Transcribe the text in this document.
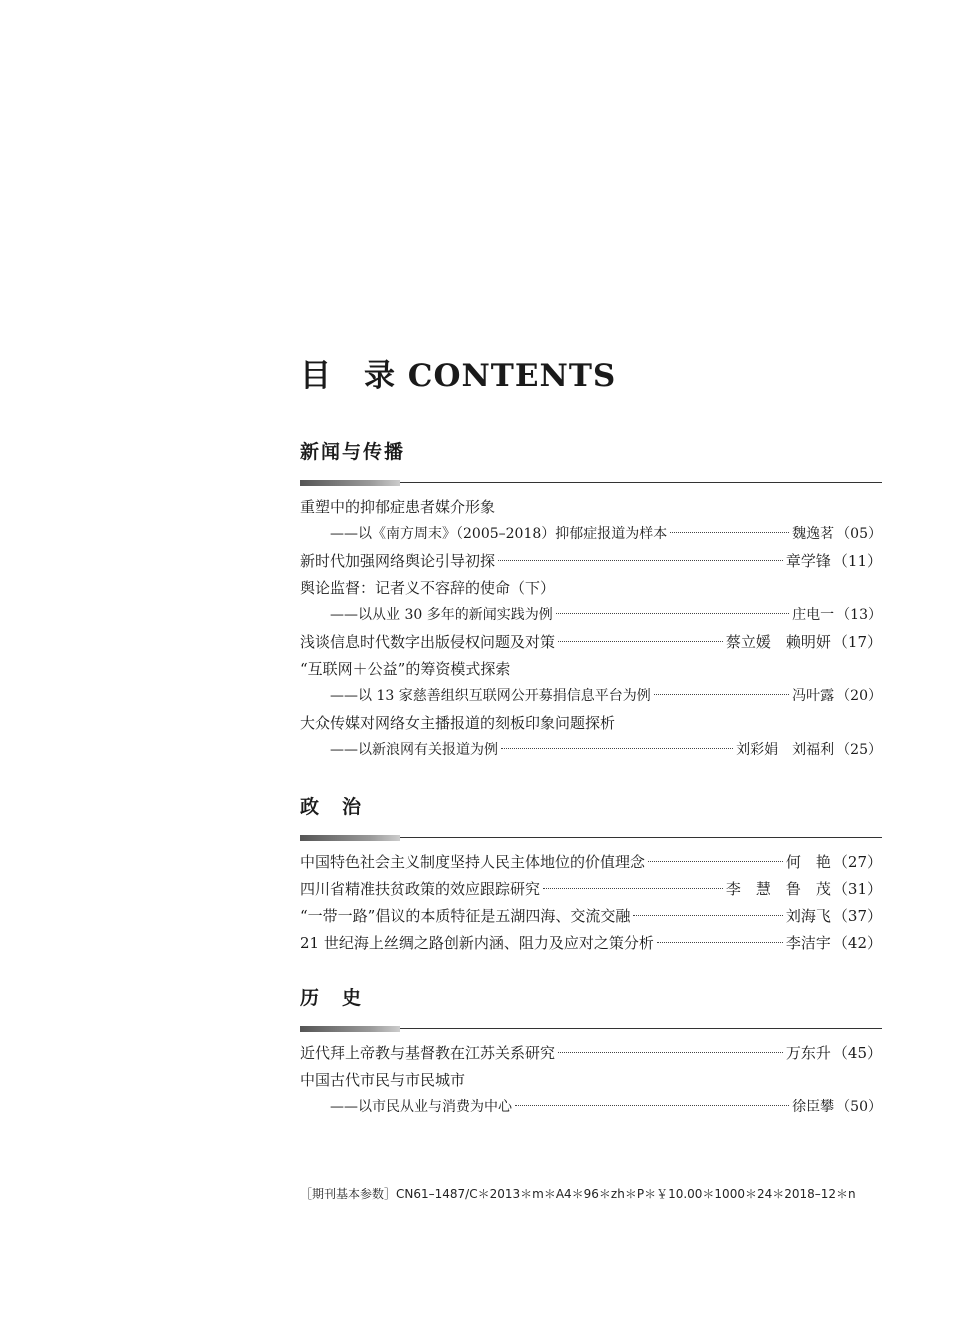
目　录 CONTENTS
新闻与传播
重塑中的抑郁症患者媒介形象
——以《南方周末》（2005–2018）抑郁症报道为样本	魏逸茗 （05）
新时代加强网络舆论引导初探	章学锋 （11）
舆论监督：记者义不容辞的使命（下）
——以从业 30 多年的新闻实践为例	庄电一 （13）
浅谈信息时代数字出版侵权问题及对策	蔡立媛　赖明妍 （17）
“互联网＋公益”的筹资模式探索
——以 13 家慈善组织互联网公开募捐信息平台为例	冯叶露 （20）
大众传媒对网络女主播报道的刻板印象问题探析
——以新浪网有关报道为例	刘彩娟　刘福利 （25）
政　治
中国特色社会主义制度坚持人民主体地位的价值理念	何　艳 （27）
四川省精准扶贫政策的效应跟踪研究	李　慧　鲁　茂 （31）
“一带一路”倡议的本质特征是五湖四海、交流交融	刘海飞 （37）
21 世纪海上丝绸之路创新内涵、阻力及应对之策分析	李洁宇 （42）
历　史
近代拜上帝教与基督教在江苏关系研究	万东升 （45）
中国古代市民与市民城市
——以市民从业与消费为中心	徐臣攀 （50）
［期刊基本参数］CN61–1487/C＊2013＊m＊A4＊96＊zh＊P＊￥10.00＊1000＊24＊2018–12＊n
